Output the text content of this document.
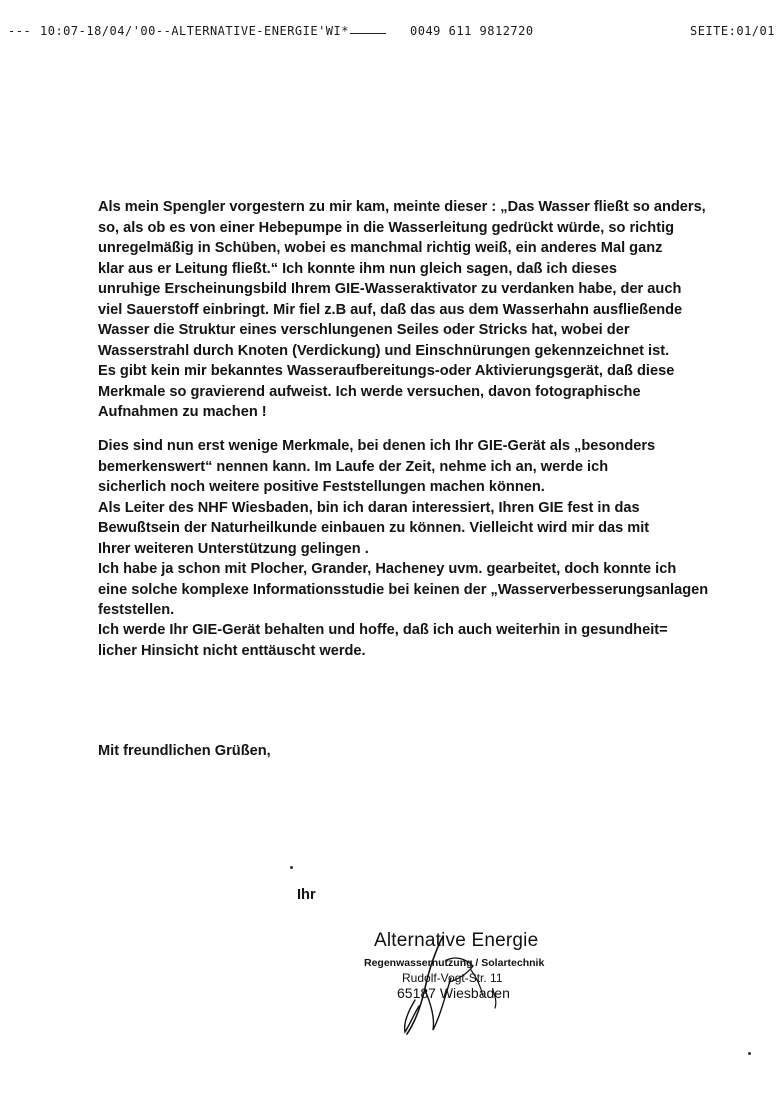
--- 10:07-18/04/'00--ALTERNATIVE-ENERGIE'WI*	0049 611 9812720	SEITE:01/01
Als mein Spengler vorgestern zu mir kam, meinte dieser : „Das Wasser fließt so anders,
so, als ob es von einer Hebepumpe in die Wasserleitung gedrückt würde, so richtig
unregelmäßig in Schüben, wobei es manchmal richtig weiß, ein anderes Mal ganz
klar aus er Leitung fließt.“ Ich konnte ihm nun gleich sagen, daß ich dieses
unruhige Erscheinungsbild Ihrem GIE-Wasseraktivator zu verdanken habe, der auch
viel Sauerstoff einbringt. Mir fiel z.B auf, daß das aus dem Wasserhahn ausfließende
Wasser die Struktur eines verschlungenen Seiles oder Stricks hat, wobei der
Wasserstrahl durch Knoten (Verdickung) und Einschnürungen gekennzeichnet ist.
Es gibt kein mir bekanntes Wasseraufbereitungs-oder Aktivierungsgerät, daß diese
Merkmale so gravierend aufweist. Ich werde versuchen, davon fotographische
Aufnahmen zu machen !
Dies sind nun erst wenige Merkmale, bei denen ich Ihr GIE-Gerät als „besonders
bemerkenswert“ nennen kann. Im Laufe der Zeit, nehme ich an, werde ich
sicherlich noch weitere positive Feststellungen machen können.
Als Leiter des NHF Wiesbaden, bin ich daran interessiert, Ihren GIE fest in das
Bewußtsein der Naturheilkunde einbauen zu können. Vielleicht wird mir das mit
Ihrer weiteren Unterstützung gelingen .
Ich habe ja schon mit Plocher, Grander, Hacheney uvm. gearbeitet, doch konnte ich
eine solche komplexe Informationsstudie bei keinen der „Wasserverbesserungsanlagen
feststellen.
Ich werde Ihr GIE-Gerät behalten und hoffe, daß ich auch weiterhin in gesundheit=
licher Hinsicht nicht enttäuscht werde.
Mit freundlichen Grüßen,
Ihr
Alternative Energie
Regenwassernutzung / Solartechnik
Rudolf-Vogt-Str. 11
65187 Wiesbaden
